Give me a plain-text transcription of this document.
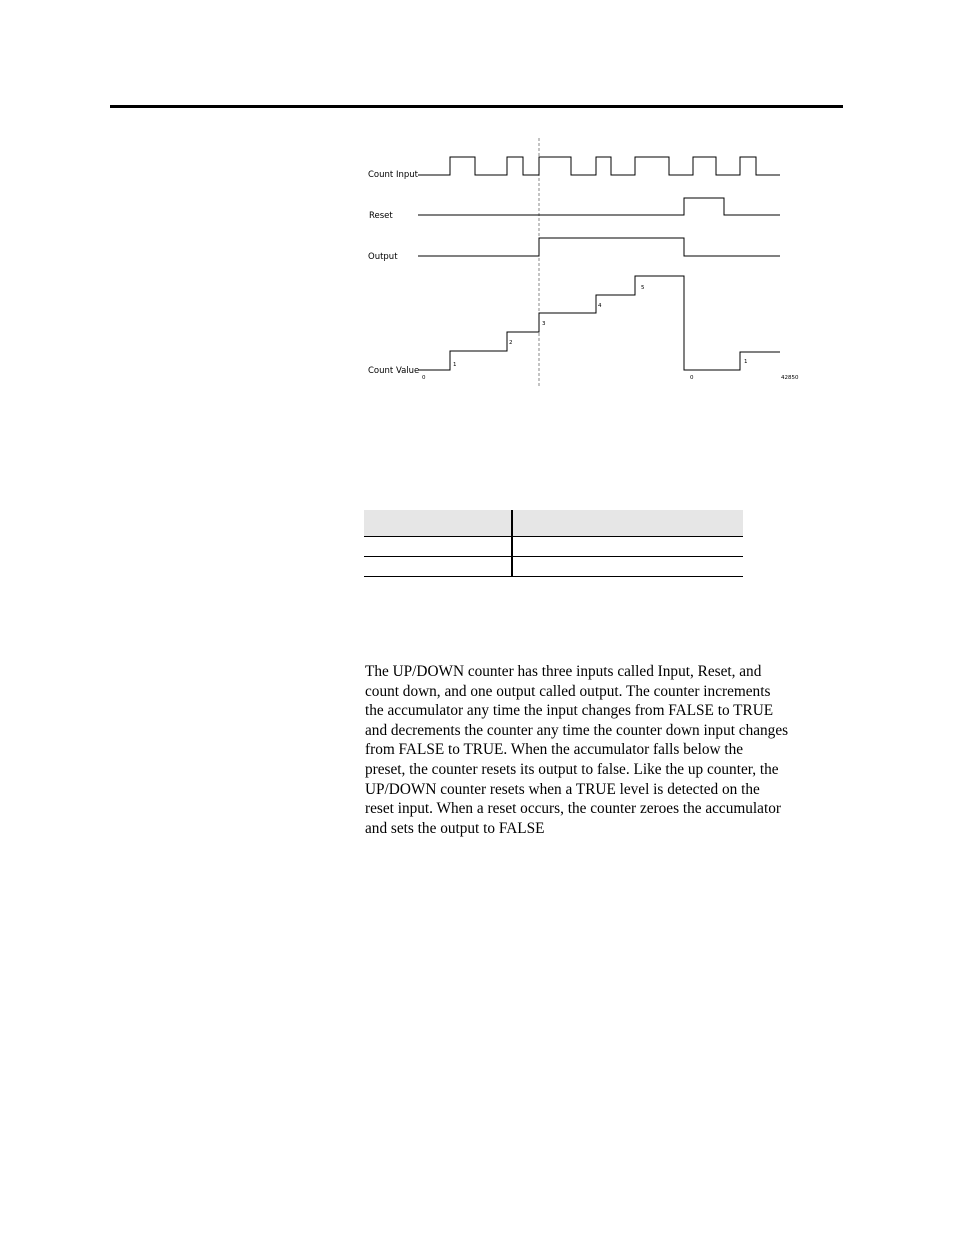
Count Input
Reset
Output
Count Value
0
1
2
3
4
5
0
1
42850
The UP/DOWN counter has three inputs called Input, Reset, and
count down, and one output called output. The counter increments
the accumulator any time the input changes from FALSE to TRUE
and decrements the counter any time the counter down input changes
from FALSE to TRUE. When the accumulator falls below the
preset, the counter resets its output to false. Like the up counter, the
UP/DOWN counter resets when a TRUE level is detected on the
reset input. When a reset occurs, the counter zeroes the accumulator
and sets the output to FALSE
